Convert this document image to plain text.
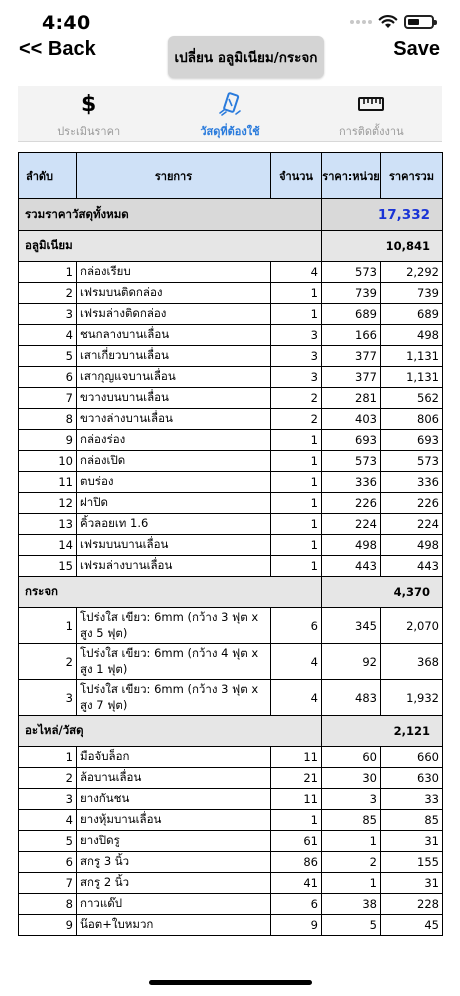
4:40
<< Back	เปลี่ยน อลูมิเนียม/กระจก	Save
$
ประเมินราคา	วัสดุที่ต้องใช้	การติดตั้งงาน
ลำดับ	รายการ	จำนวน	ราคา:หน่วย	ราคารวม
รวมราคาวัสดุทั้งหมด			17,332	
อลูมิเนียม			10,841	
1	กล่องเรียบ	4	573	2,292
2	เฟรมบนติดกล่อง	1	739	739
3	เฟรมล่างติดกล่อง	1	689	689
4	ชนกลางบานเลื่อน	3	166	498
5	เสาเกี่ยวบานเลื่อน	3	377	1,131
6	เสากุญแจบานเลื่อน	3	377	1,131
7	ขวางบนบานเลื่อน	2	281	562
8	ขวางล่างบานเลื่อน	2	403	806
9	กล่องร่อง	1	693	693
10	กล่องเปิด	1	573	573
11	ตบร่อง	1	336	336
12	ฝาปิด	1	226	226
13	คิ้วลอยเท 1.6	1	224	224
14	เฟรมบนบานเลื่อน	1	498	498
15	เฟรมล่างบานเลื่อน	1	443	443
กระจก			4,370	
1	โปร่งใส เขียว: 6mm (กว้าง 3 ฟุต x สูง 5 ฟุต)	6	345	2,070
2	โปร่งใส เขียว: 6mm (กว้าง 4 ฟุต x สูง 1 ฟุต)	4	92	368
3	โปร่งใส เขียว: 6mm (กว้าง 3 ฟุต x สูง 7 ฟุต)	4	483	1,932
อะไหล่/วัสดุ			2,121	
1	มือจับล็อก	11	60	660
2	ล้อบานเลื่อน	21	30	630
3	ยางกันชน	11	3	33
4	ยางหุ้มบานเลื่อน	1	85	85
5	ยางปิดรู	61	1	31
6	สกรู 3 นิ้ว	86	2	155
7	สกรู 2 นิ้ว	41	1	31
8	กาวแด๊ป	6	38	228
9	น๊อต+ใบหมวก	9	5	45
